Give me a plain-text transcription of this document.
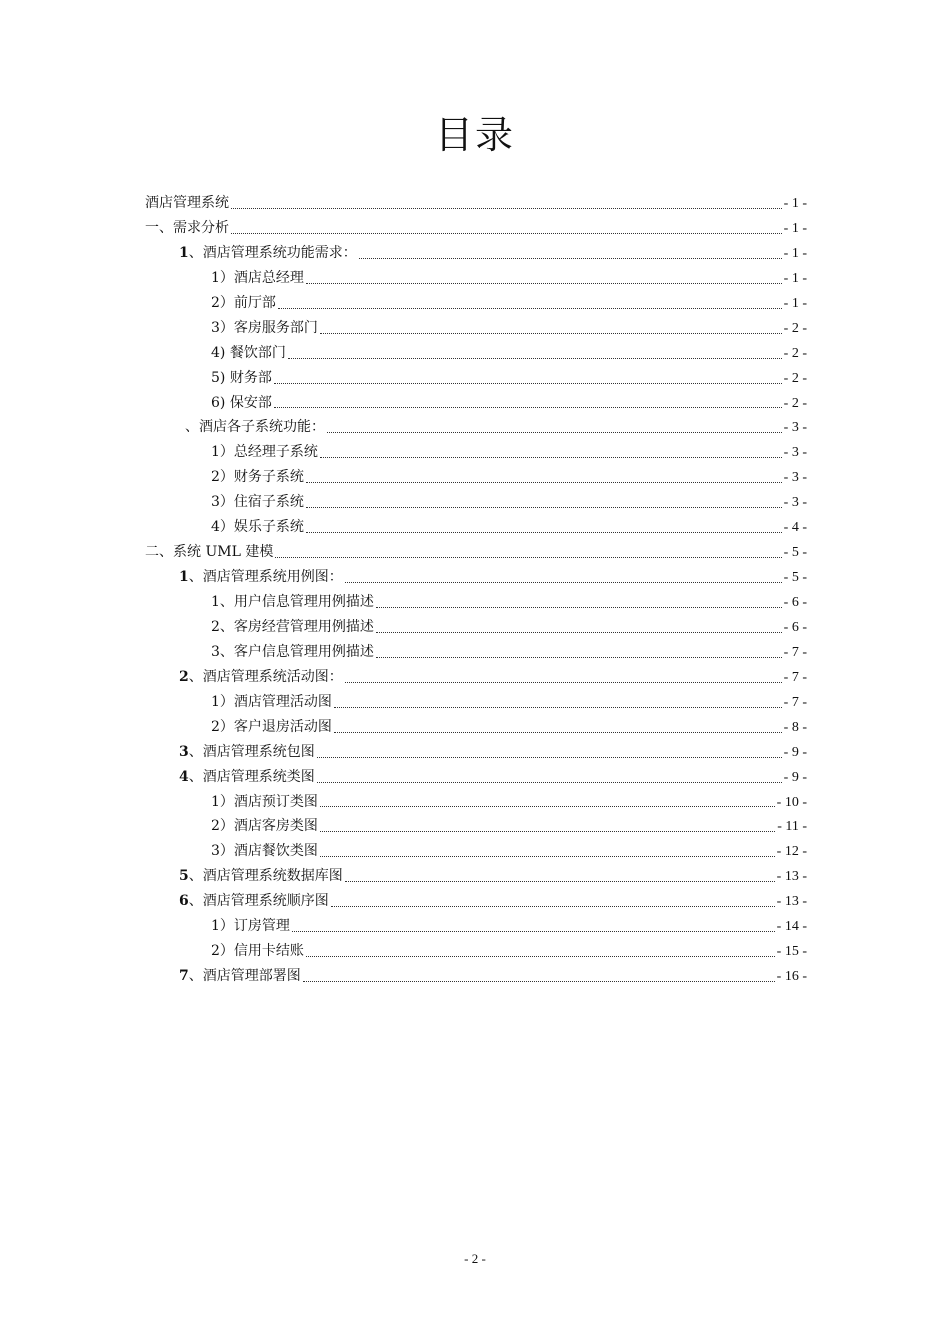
目录
酒店管理系统	- 1 -
一、需求分析	- 1 -
1、酒店管理系统功能需求：	- 1 -
1）酒店总经理	- 1 -
2）前厅部	- 1 -
3）客房服务部门	- 2 -
4) 餐饮部门	- 2 -
5) 财务部	- 2 -
6) 保安部	- 2 -
、酒店各子系统功能：	- 3 -
1）总经理子系统	- 3 -
2）财务子系统	- 3 -
3）住宿子系统	- 3 -
4）娱乐子系统	- 4 -
二、系统 UML 建模	- 5 -
1、酒店管理系统用例图：	- 5 -
1、用户信息管理用例描述	- 6 -
2、客房经营管理用例描述	- 6 -
3、客户信息管理用例描述	- 7 -
2、酒店管理系统活动图：	- 7 -
1）酒店管理活动图	- 7 -
2）客户退房活动图	- 8 -
3、酒店管理系统包图	- 9 -
4、酒店管理系统类图	- 9 -
1）酒店预订类图	- 10 -
2）酒店客房类图	- 11 -
3）酒店餐饮类图	- 12 -
5、酒店管理系统数据库图	- 13 -
6、酒店管理系统顺序图	- 13 -
1）订房管理	- 14 -
2）信用卡结账	- 15 -
7、酒店管理部署图	- 16 -
- 2 -
